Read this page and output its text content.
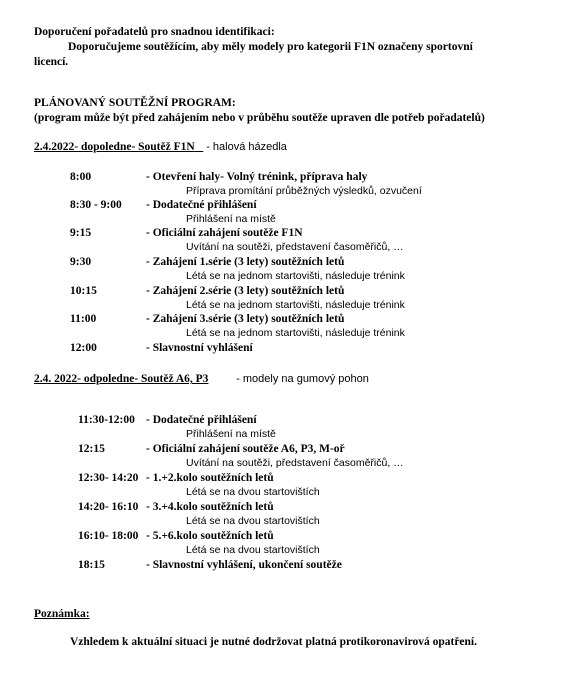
Doporučení pořadatelů pro snadnou identifikaci:
Doporučujeme soutěžícím, aby měly modely pro kategorii F1N označeny sportovní
licencí.
PLÁNOVANÝ SOUTĚŽNÍ PROGRAM:
(program může být před zahájením nebo v průběhu soutěže upraven dle potřeb pořadatelů)
2.4.2022- dopoledne- Soutěž F1N - halová házedla
8:00	- Otevření haly- Volný trénink, příprava haly
Příprava promítání průběžných výsledků, ozvučení
8:30 - 9:00 - Dodatečné přihlášení
Přihlášení na místě
9:15	- Oficiální zahájení soutěže F1N
Uvítání na soutěži, představení časoměřičů, …
9:30	- Zahájení 1.série (3 lety) soutěžních letů
Létá se na jednom startovišti, následuje trénink
10:15	- Zahájení 2.série (3 lety) soutěžních letů
Létá se na jednom startovišti, následuje trénink
11:00	- Zahájení 3.série (3 lety) soutěžních letů
Létá se na jednom startovišti, následuje trénink
12:00	- Slavnostní vyhlášení
2.4. 2022- odpoledne- Soutěž A6, P3	- modely na gumový pohon
11:30-12:00 - Dodatečné přihlášení
Přihlášení na místě
12:15	- Oficiální zahájení soutěže A6, P3, M-oř
Uvítání na soutěži, představení časoměřičů, …
12:30- 14:20 - 1.+2.kolo soutěžních letů
Létá se na dvou startovištích
14:20- 16:10 - 3.+4.kolo soutěžních letů
Létá se na dvou startovištích
16:10- 18:00 - 5.+6.kolo soutěžních letů
Létá se na dvou startovištích
18:15	- Slavnostní vyhlášení, ukončení soutěže
Poznámka:
Vzhledem k aktuální situaci je nutné dodržovat platná protikoronavirová opatření.
